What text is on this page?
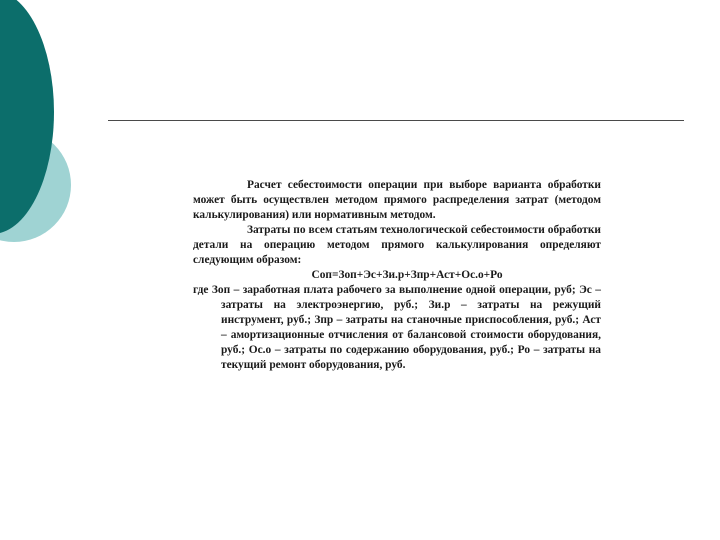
Расчет себестоимости операции при выборе варианта обработки может быть осуществлен методом прямого распределения затрат (методом калькулирования) или нормативным методом.

Затраты по всем статьям технологической себестоимости обработки детали на операцию методом прямого калькулирования определяют следующим образом:

Соп=Зоп+Эс+Зи.р+Зпр+Аст+Ос.о+Ро

где Зоп – заработная плата рабочего за выполнение одной операции, руб; Эс – затраты на электроэнергию, руб.; Зи.р – затраты на режущий инструмент, руб.; Зпр – затраты на станочные приспособления, руб.; Аст – амортизационные отчисления от балансовой стоимости оборудования, руб.; Ос.о – затраты по содержанию оборудования, руб.; Ро – затраты на текущий ремонт оборудования, руб.
